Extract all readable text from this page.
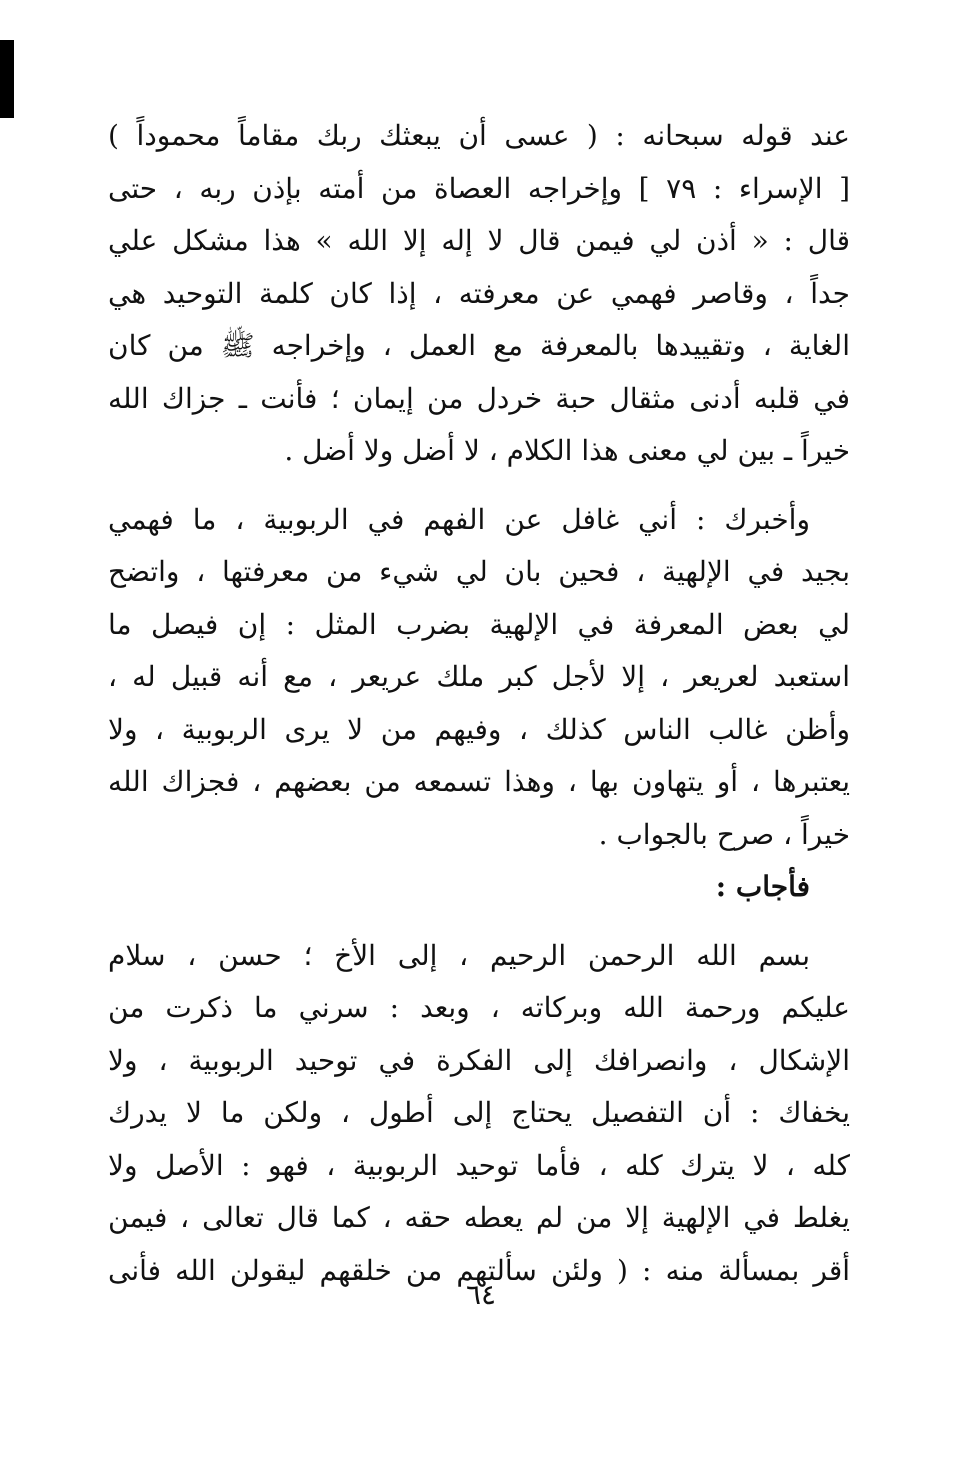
عند قوله سبحانه : ( عسى أن يبعثك ربك مقاماً محموداً )
[ الإسراء : ٧٩ ] وإخراجه العصاة من أمته بإذن ربه ، حتى
قال : « أذن لي فيمن قال لا إله إلا الله » هذا مشكل علي
جداً ، وقاصر فهمي عن معرفته ، إذا كان كلمة التوحيد هي
الغاية ، وتقييدها بالمعرفة مع العمل ، وإخراجه ﷺ من كان
في قلبه أدنى مثقال حبة خردل من إيمان ؛ فأنت ـ جزاك الله
خيراً ـ بين لي معنى هذا الكلام ، لا أضل ولا أضل .
وأخبرك : أني غافل عن الفهم في الربوبية ، ما فهمي
بجيد في الإلهية ، فحين بان لي شيء من معرفتها ، واتضح
لي بعض المعرفة في الإلهية بضرب المثل : إن فيصل ما
استعبد لعريعر ، إلا لأجل كبر ملك عريعر ، مع أنه قبيل له ،
وأظن غالب الناس كذلك ، وفيهم من لا يرى الربوبية ، ولا
يعتبرها ، أو يتهاون بها ، وهذا تسمعه من بعضهم ، فجزاك الله
خيراً ، صرح بالجواب .
فأجاب :
بسم الله الرحمن الرحيم ، إلى الأخ ؛ حسن ، سلام
عليكم ورحمة الله وبركاته ، وبعد : سرني ما ذكرت من
الإشكال ، وانصرافك إلى الفكرة في توحيد الربوبية ، ولا
يخفاك : أن التفصيل يحتاج إلى أطول ، ولكن ما لا يدرك
كله ، لا يترك كله ، فأما توحيد الربوبية ، فهو : الأصل ولا
يغلط في الإلهية إلا من لم يعطه حقه ، كما قال تعالى ، فيمن
أقر بمسألة منه : ( ولئن سألتهم من خلقهم ليقولن الله فأنى
٦٤
